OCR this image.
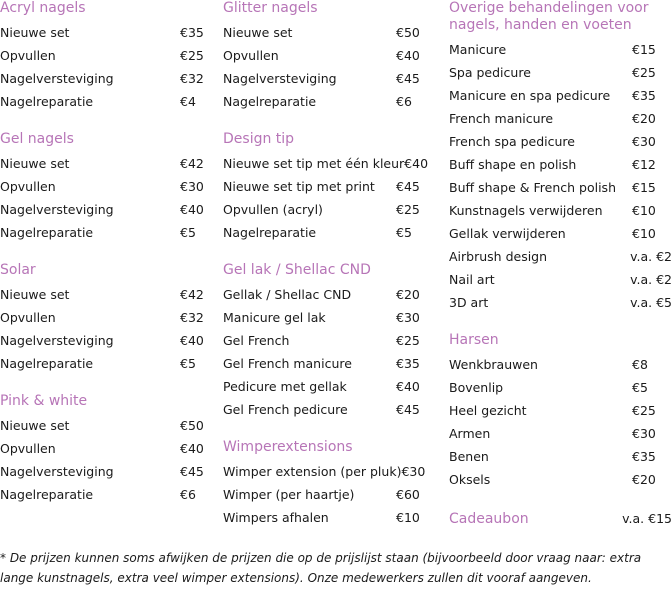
Acryl nagels
Nieuwe set	€35
Opvullen	€25
Nagelversteviging	€32
Nagelreparatie	€4
Gel nagels
Nieuwe set	€42
Opvullen	€30
Nagelversteviging	€40
Nagelreparatie	€5
Solar
Nieuwe set	€42
Opvullen	€32
Nagelversteviging	€40
Nagelreparatie	€5
Pink & white
Nieuwe set	€50
Opvullen	€40
Nagelversteviging	€45
Nagelreparatie	€6
Glitter nagels
Nieuwe set	€50
Opvullen	€40
Nagelversteviging	€45
Nagelreparatie	€6
Design tip
Nieuwe set tip met één kleur €40
Nieuwe set tip met print €45
Opvullen (acryl)	€25
Nagelreparatie	€5
Gel lak / Shellac CND
Gellak / Shellac CND	€20
Manicure gel lak	€30
Gel French	€25
Gel French manicure	€35
Pedicure met gellak	€40
Gel French pedicure	€45
Wimperextensions
Wimper extension (per pluk) €30
Wimper (per haartje)	€60
Wimpers afhalen	€10
Overige behandelingen voor nagels, handen en voeten
Manicure	€15
Spa pedicure	€25
Manicure en spa pedicure €35
French manicure	€20
French spa pedicure	€30
Buff shape en polish	€12
Buff shape & French polish €15
Kunstnagels verwijderen €10
Gellak verwijderen	€10
Airbrush design	v.a. €2
Nail art	v.a. €2
3D art	v.a. €5
Harsen
Wenkbrauwen	€8
Bovenlip	€5
Heel gezicht	€25
Armen	€30
Benen	€35
Oksels	€20
Cadeaubon	v.a. €15
* De prijzen kunnen soms afwijken de prijzen die op de prijslijst staan (bijvoorbeeld door vraag naar: extra lange kunstnagels, extra veel wimper extensions). Onze medewerkers zullen dit vooraf aangeven.
